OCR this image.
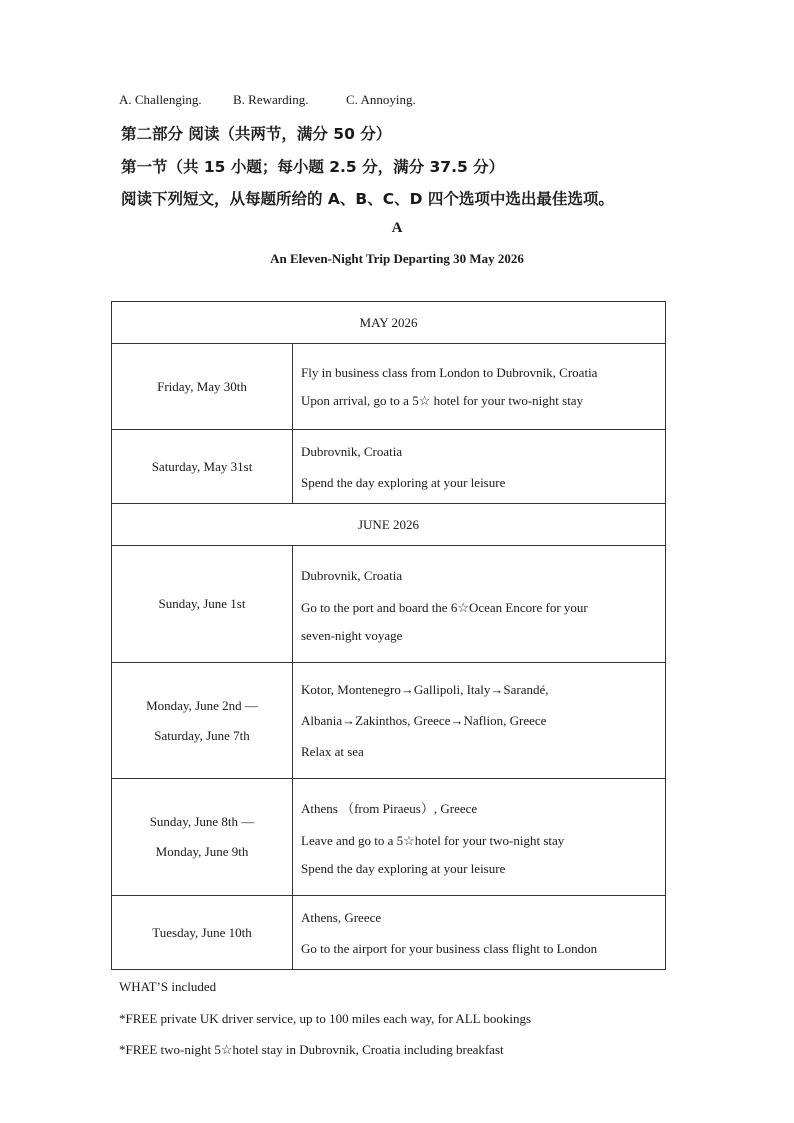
A. Challenging.	B. Rewarding.	C. Annoying.
第二部分 阅读（共两节，满分 50 分）
第一节（共 15 小题；每小题 2.5 分，满分 37.5 分）
阅读下列短文，从每题所给的 A、B、C、D 四个选项中选出最佳选项。
A
An Eleven-Night Trip Departing 30 May 2026
MAY 2026	

Friday, May 30th	Fly in business class from London to Dubrovnik, Croatia
Upon arrival, go to a 5☆ hotel for your two-night stay

Saturday, May 31st	Dubrovnik, Croatia
Spend the day exploring at your leisure

JUNE 2026	

Sunday, June 1st	Dubrovnik, Croatia
Go to the port and board the 6☆Ocean Encore for your
seven-night voyage

Monday, June 2nd —
Saturday, June 7th	Kotor, Montenegro→Gallipoli, Italy→Sarandé,
Albania→Zakinthos, Greece→Naflion, Greece
Relax at sea

Sunday, June 8th —
Monday, June 9th	Athens （from Piraeus）, Greece
Leave and go to a 5☆hotel for your two-night stay
Spend the day exploring at your leisure

Tuesday, June 10th	Athens, Greece
Go to the airport for your business class flight to London
WHAT’S included
*FREE private UK driver service, up to 100 miles each way, for ALL bookings
*FREE two-night 5☆hotel stay in Dubrovnik, Croatia including breakfast
